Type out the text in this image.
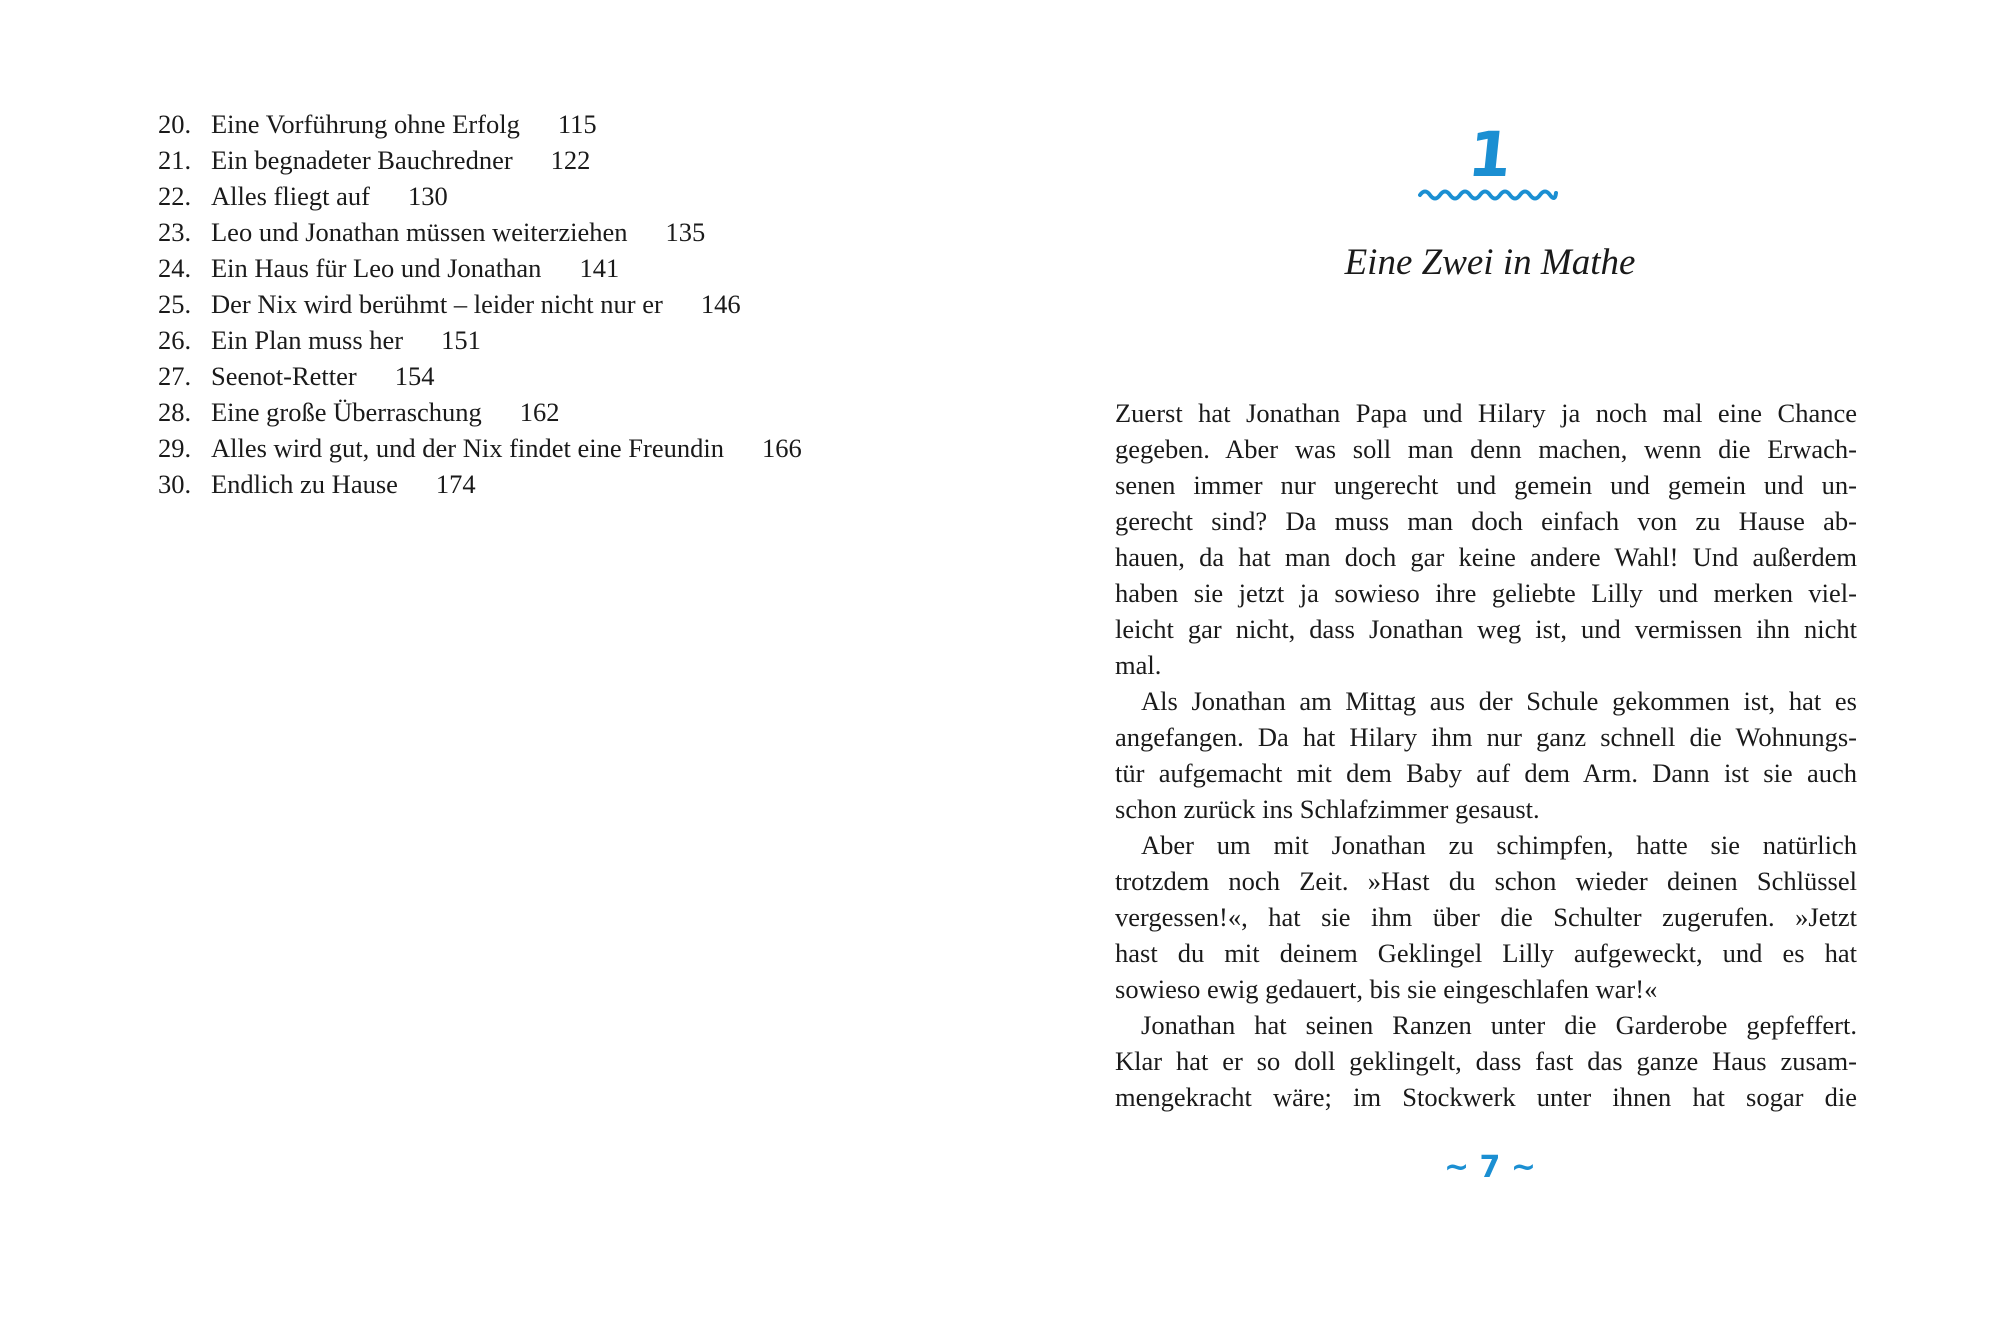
20. Eine Vorführung ohne Erfolg 115
21. Ein begnadeter Bauchredner 122
22. Alles fliegt auf 130
23. Leo und Jonathan müssen weiterziehen 135
24. Ein Haus für Leo und Jonathan 141
25. Der Nix wird berühmt – leider nicht nur er 146
26. Ein Plan muss her 151
27. Seenot-Retter 154
28. Eine große Überraschung 162
29. Alles wird gut, und der Nix findet eine Freundin 166
30. Endlich zu Hause 174
1
Eine Zwei in Mathe
Zuerst hat Jonathan Papa und Hilary ja noch mal eine Chance
gegeben. Aber was soll man denn machen, wenn die Erwach-
senen immer nur ungerecht und gemein und gemein und un-
gerecht sind? Da muss man doch einfach von zu Hause ab-
hauen, da hat man doch gar keine andere Wahl! Und außerdem
haben sie jetzt ja sowieso ihre geliebte Lilly und merken viel-
leicht gar nicht, dass Jonathan weg ist, und vermissen ihn nicht
mal.
Als Jonathan am Mittag aus der Schule gekommen ist, hat es
angefangen. Da hat Hilary ihm nur ganz schnell die Wohnungs-
tür aufgemacht mit dem Baby auf dem Arm. Dann ist sie auch
schon zurück ins Schlafzimmer gesaust.
Aber um mit Jonathan zu schimpfen, hatte sie natürlich
trotzdem noch Zeit. »Hast du schon wieder deinen Schlüssel
vergessen!«, hat sie ihm über die Schulter zugerufen. »Jetzt
hast du mit deinem Geklingel Lilly aufgeweckt, und es hat
sowieso ewig gedauert, bis sie eingeschlafen war!«
Jonathan hat seinen Ranzen unter die Garderobe gepfeffert.
Klar hat er so doll geklingelt, dass fast das ganze Haus zusam-
mengekracht wäre; im Stockwerk unter ihnen hat sogar die
~ 7 ~
